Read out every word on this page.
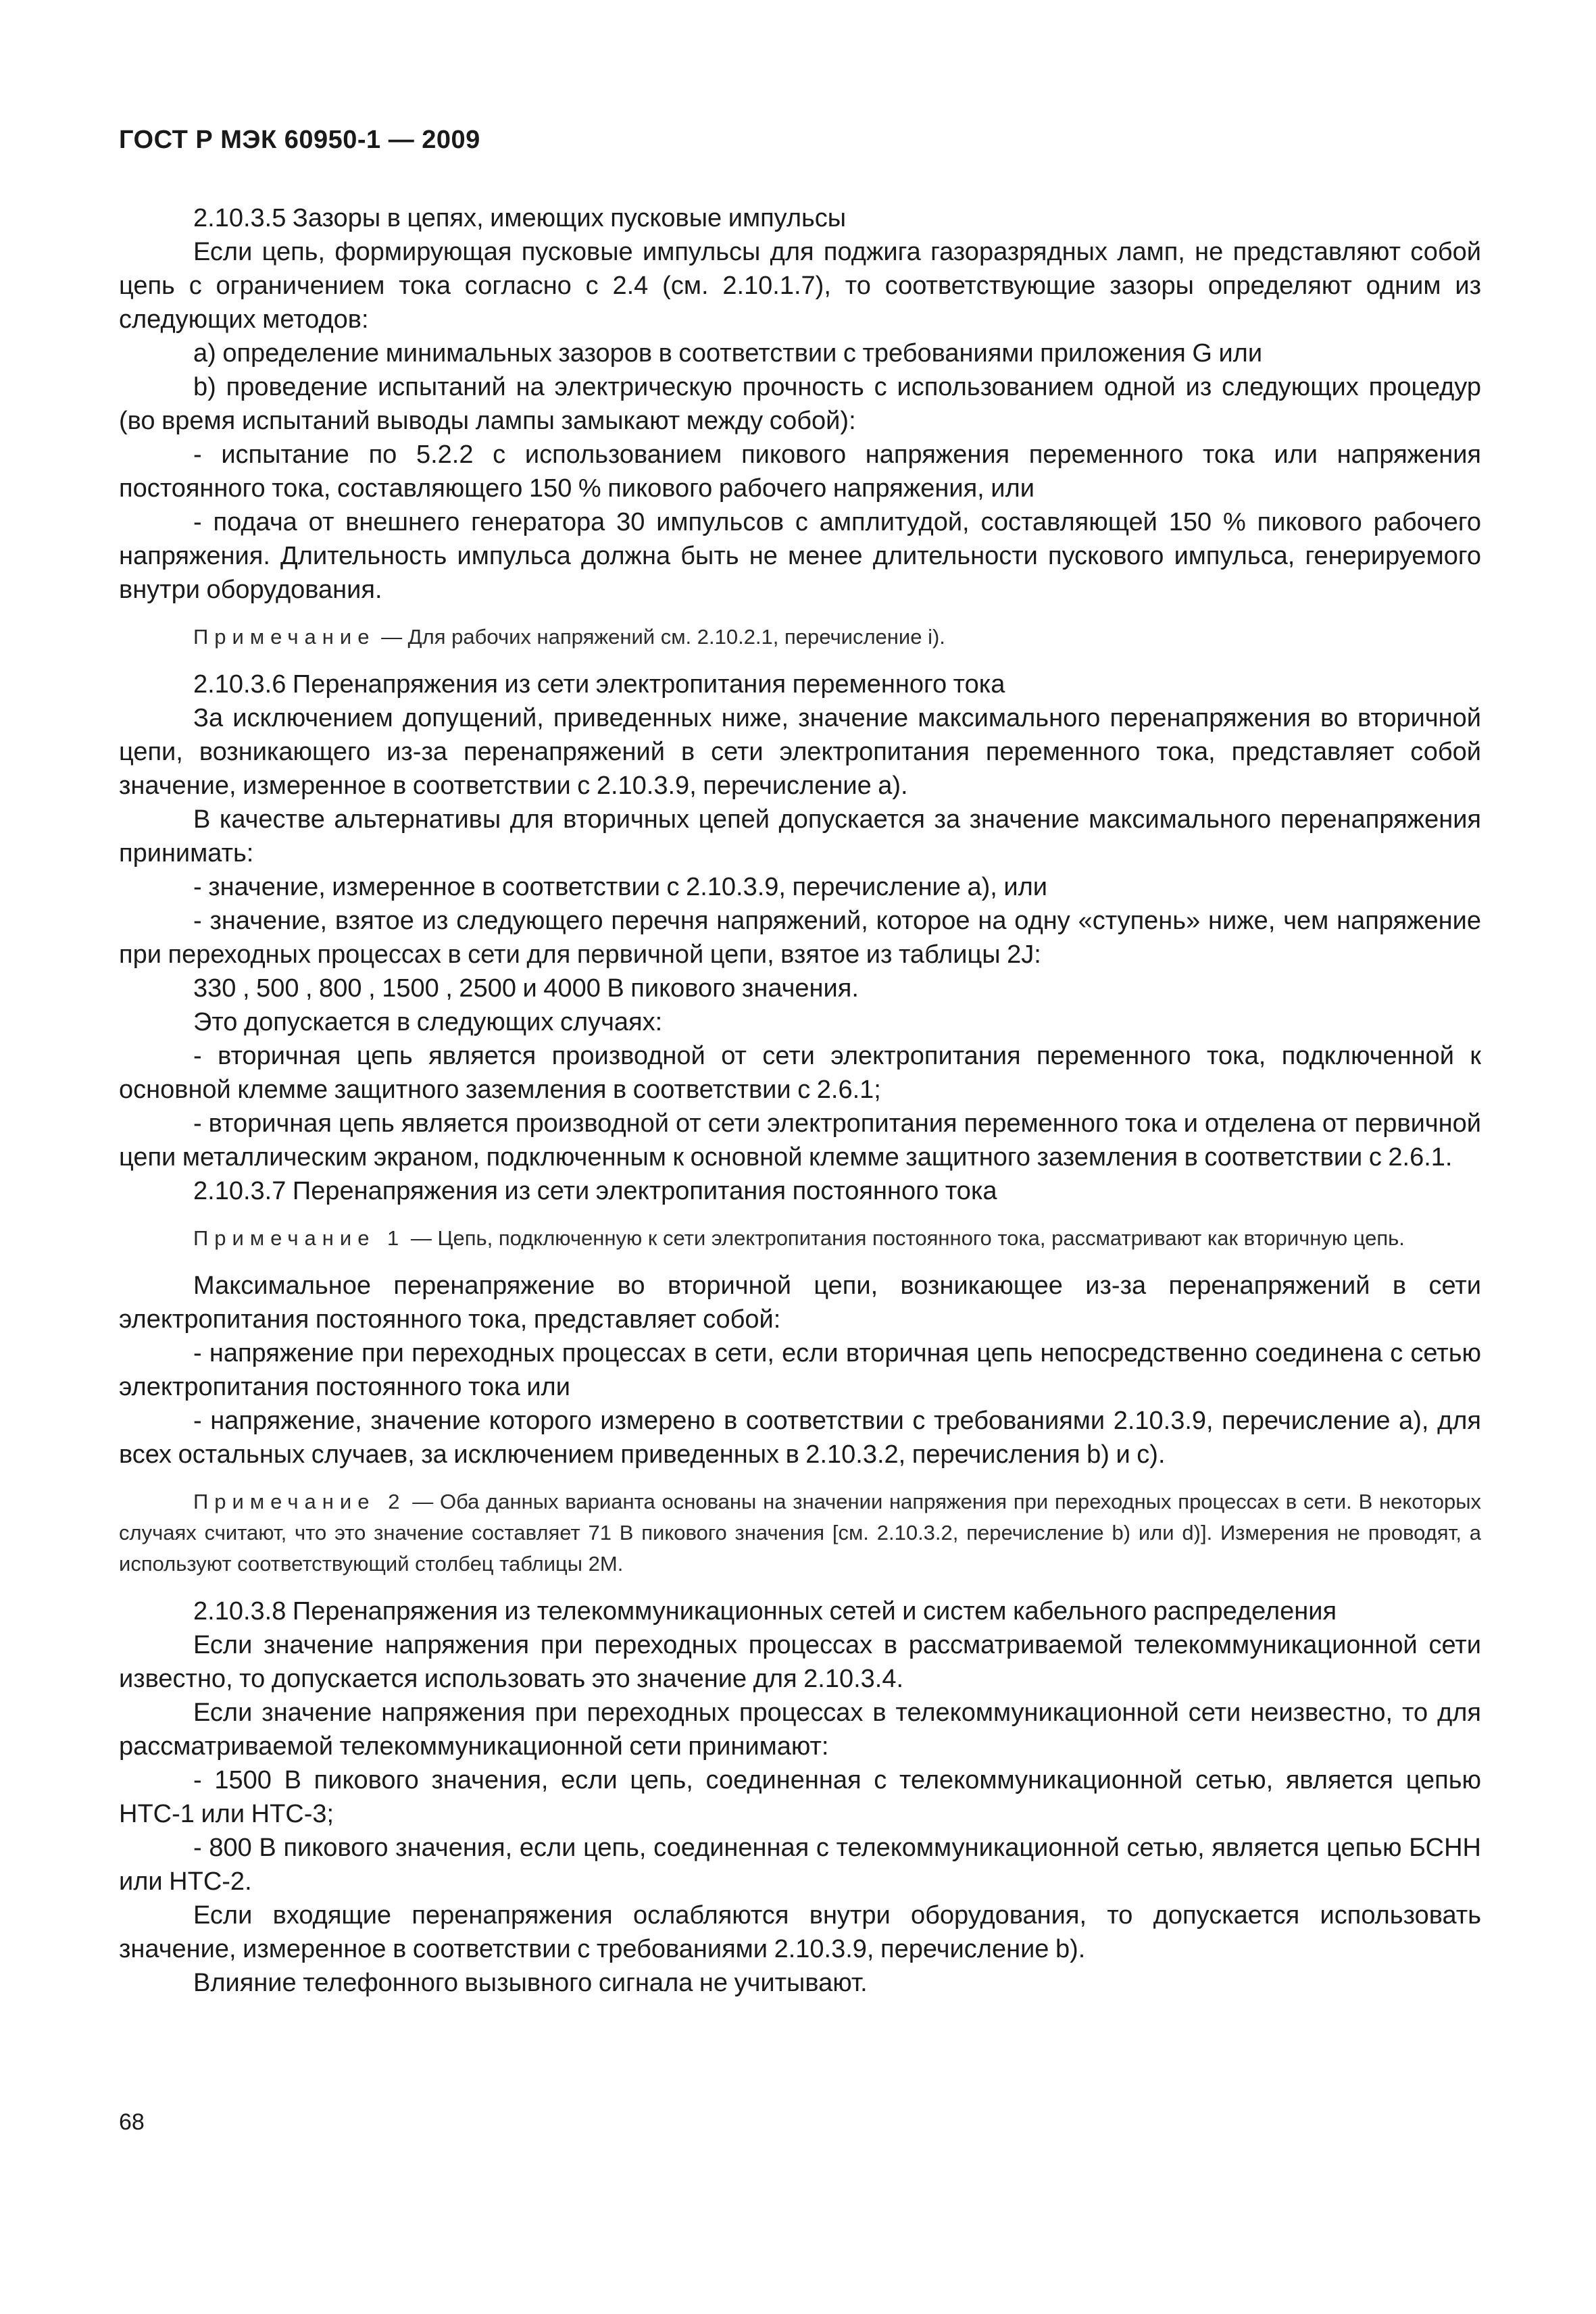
ГОСТ Р МЭК 60950-1 — 2009

2.10.3.5 Зазоры в цепях, имеющих пусковые импульсы

Если цепь, формирующая пусковые импульсы для поджига газоразрядных ламп, не представляют собой цепь с ограничением тока согласно с 2.4 (см. 2.10.1.7), то соответствующие зазоры определяют одним из следующих методов:

а) определение минимальных зазоров в соответствии с требованиями приложения G или

b) проведение испытаний на электрическую прочность с использованием одной из следующих процедур (во время испытаний выводы лампы замыкают между собой):

- испытание по 5.2.2 с использованием пикового напряжения переменного тока или напряжения постоянного тока, составляющего 150 % пикового рабочего напряжения, или

- подача от внешнего генератора 30 импульсов с амплитудой, составляющей 150 % пикового рабочего напряжения. Длительность импульса должна быть не менее длительности пускового импульса, генерируемого внутри оборудования.

Примечание — Для рабочих напряжений см. 2.10.2.1, перечисление i).

2.10.3.6 Перенапряжения из сети электропитания переменного тока

За исключением допущений, приведенных ниже, значение максимального перенапряжения во вторичной цепи, возникающего из-за перенапряжений в сети электропитания переменного тока, представляет собой значение, измеренное в соответствии с 2.10.3.9, перечисление а).

В качестве альтернативы для вторичных цепей допускается за значение максимального перенапряжения принимать:

- значение, измеренное в соответствии с 2.10.3.9, перечисление а), или

- значение, взятое из следующего перечня напряжений, которое на одну «ступень» ниже, чем напряжение при переходных процессах в сети для первичной цепи, взятое из таблицы 2J:

330 , 500 , 800 , 1500 , 2500 и 4000 В пикового значения.

Это допускается в следующих случаях:

- вторичная цепь является производной от сети электропитания переменного тока, подключенной к основной клемме защитного заземления в соответствии с 2.6.1;

- вторичная цепь является производной от сети электропитания переменного тока и отделена от первичной цепи металлическим экраном, подключенным к основной клемме защитного заземления в соответствии с 2.6.1.

2.10.3.7 Перенапряжения из сети электропитания постоянного тока

Примечание 1 — Цепь, подключенную к сети электропитания постоянного тока, рассматривают как вторичную цепь.

Максимальное перенапряжение во вторичной цепи, возникающее из-за перенапряжений в сети электропитания постоянного тока, представляет собой:

- напряжение при переходных процессах в сети, если вторичная цепь непосредственно соединена с сетью электропитания постоянного тока или

- напряжение, значение которого измерено в соответствии с требованиями 2.10.3.9, перечисление а), для всех остальных случаев, за исключением приведенных в 2.10.3.2, перечисления b) и с).

Примечание 2 — Оба данных варианта основаны на значении напряжения при переходных процессах в сети. В некоторых случаях считают, что это значение составляет 71 В пикового значения [см. 2.10.3.2, перечисление b) или d)]. Измерения не проводят, а используют соответствующий столбец таблицы 2М.

2.10.3.8 Перенапряжения из телекоммуникационных сетей и систем кабельного распределения

Если значение напряжения при переходных процессах в рассматриваемой телекоммуникационной сети известно, то допускается использовать это значение для 2.10.3.4.

Если значение напряжения при переходных процессах в телекоммуникационной сети неизвестно, то для рассматриваемой телекоммуникационной сети принимают:

- 1500 В пикового значения, если цепь, соединенная с телекоммуникационной сетью, является цепью НТС-1 или НТС-3;

- 800 В пикового значения, если цепь, соединенная с телекоммуникационной сетью, является цепью БСНН или НТС-2.

Если входящие перенапряжения ослабляются внутри оборудования, то допускается использовать значение, измеренное в соответствии с требованиями 2.10.3.9, перечисление b).

Влияние телефонного вызывного сигнала не учитывают.

68
